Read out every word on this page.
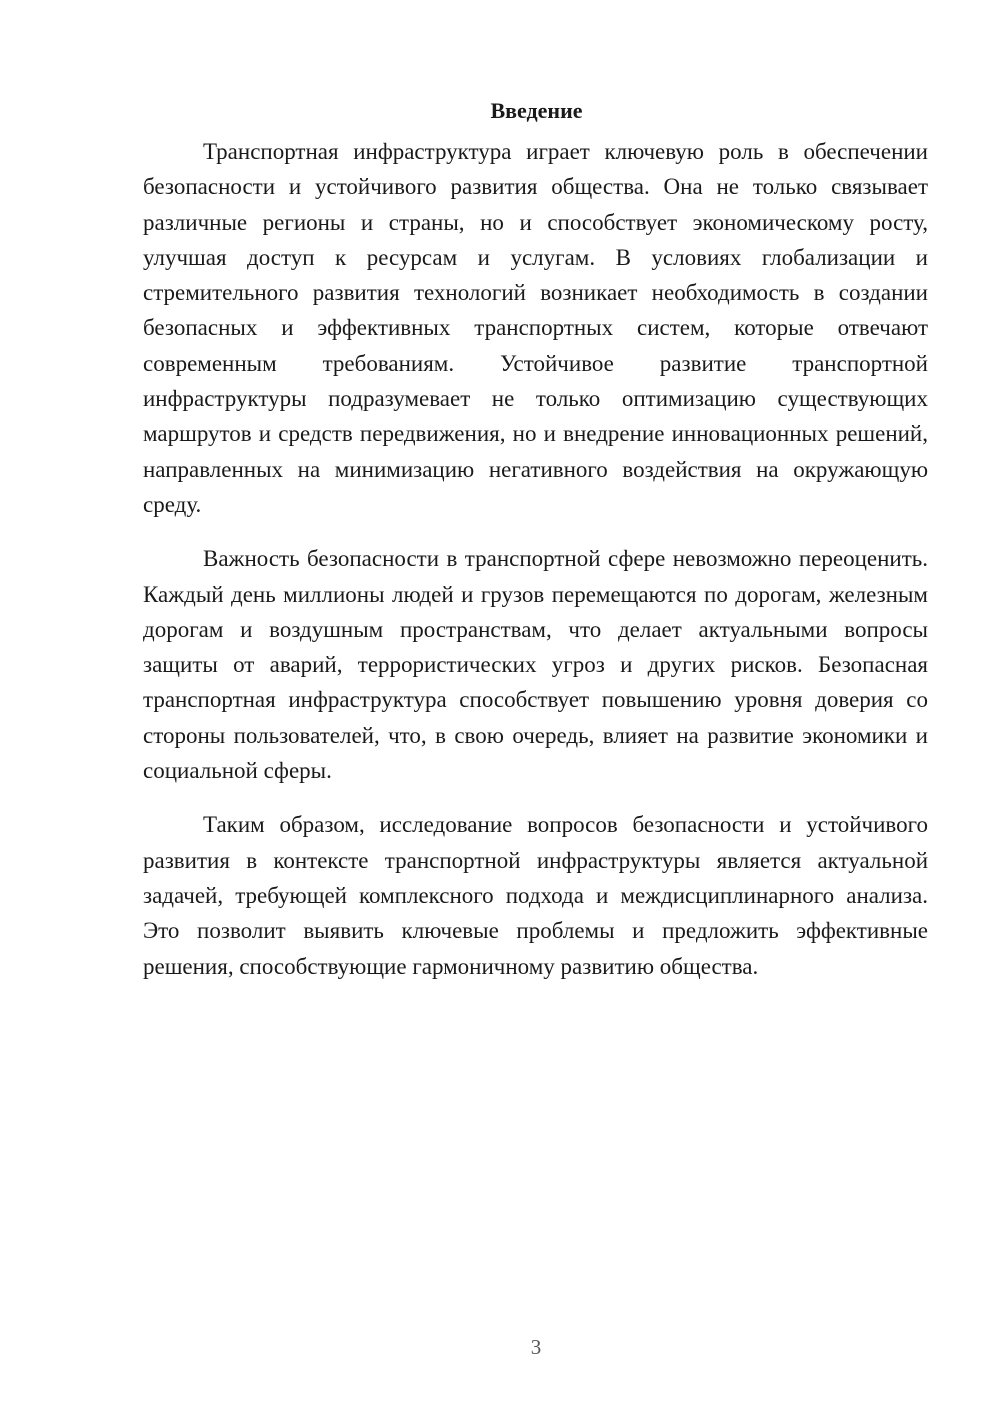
Введение

Транспортная инфраструктура играет ключевую роль в обеспечении безопасности и устойчивого развития общества. Она не только связывает различные регионы и страны, но и способствует экономическому росту, улучшая доступ к ресурсам и услугам. В условиях глобализации и стремительного развития технологий возникает необходимость в создании безопасных и эффективных транспортных систем, которые отвечают современным требованиям. Устойчивое развитие транспортной инфраструктуры подразумевает не только оптимизацию существующих маршрутов и средств передвижения, но и внедрение инновационных решений, направленных на минимизацию негативного воздействия на окружающую среду.

Важность безопасности в транспортной сфере невозможно переоценить. Каждый день миллионы людей и грузов перемещаются по дорогам, железным дорогам и воздушным пространствам, что делает актуальными вопросы защиты от аварий, террористических угроз и других рисков. Безопасная транспортная инфраструктура способствует повышению уровня доверия со стороны пользователей, что, в свою очередь, влияет на развитие экономики и социальной сферы.

Таким образом, исследование вопросов безопасности и устойчивого развития в контексте транспортной инфраструктуры является актуальной задачей, требующей комплексного подхода и междисциплинарного анализа. Это позволит выявить ключевые проблемы и предложить эффективные решения, способствующие гармоничному развитию общества.

3
